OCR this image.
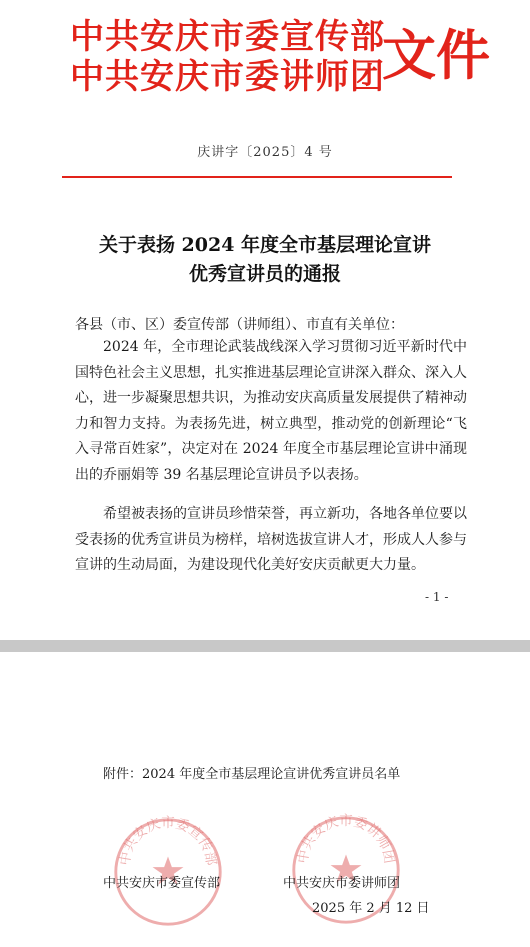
中共安庆市委宣传部
中共安庆市委讲师团
文件
庆讲字〔2025〕4 号
关于表扬 2024 年度全市基层理论宣讲
优秀宣讲员的通报
各县（市、区）委宣传部（讲师组）、市直有关单位：

2024 年，全市理论武装战线深入学习贯彻习近平新时代中国特色社会主义思想，扎实推进基层理论宣讲深入群众、深入人心，进一步凝聚思想共识，为推动安庆高质量发展提供了精神动力和智力支持。为表扬先进，树立典型，推动党的创新理论“飞入寻常百姓家”，决定对在 2024 年度全市基层理论宣讲中涌现出的乔丽娟等 39 名基层理论宣讲员予以表扬。

希望被表扬的宣讲员珍惜荣誉，再立新功，各地各单位要以受表扬的优秀宣讲员为榜样，培树选拔宣讲人才，形成人人参与宣讲的生动局面，为建设现代化美好安庆贡献更大力量。

- 1 -
附件：2024 年度全市基层理论宣讲优秀宣讲员名单
中共安庆市委宣传部	中共安庆市委讲师团
中共安庆市委宣传部	中共安庆市委讲师团
2025 年 2 月 12 日
